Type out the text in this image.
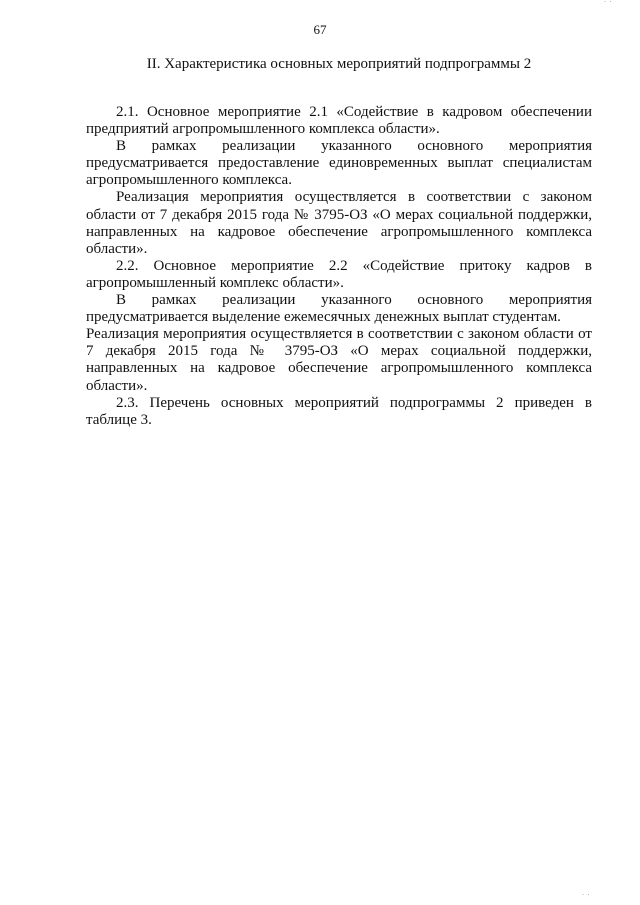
· ·
67
II. Характеристика основных мероприятий подпрограммы 2

2.1. Основное мероприятие 2.1 «Содействие в кадровом обеспечении предприятий агропромышленного комплекса области».

В рамках реализации указанного основного мероприятия предусматривается предоставление единовременных выплат специалистам агропромышленного комплекса.

Реализация мероприятия осуществляется в соответствии с законом области от 7 декабря 2015 года № 3795-ОЗ «О мерах социальной поддержки, направленных на кадровое обеспечение агропромышленного комплекса области».

2.2. Основное мероприятие 2.2 «Содействие притоку кадров в агропромышленный комплекс области».

В рамках реализации указанного основного мероприятия предусматривается выделение ежемесячных денежных выплат студентам.

Реализация мероприятия осуществляется в соответствии с законом области от 7 декабря 2015 года № 3795-ОЗ «О мерах социальной поддержки, направленных на кадровое обеспечение агропромышленного комплекса области».

2.3. Перечень основных мероприятий подпрограммы 2 приведен в таблице 3.

· ·
